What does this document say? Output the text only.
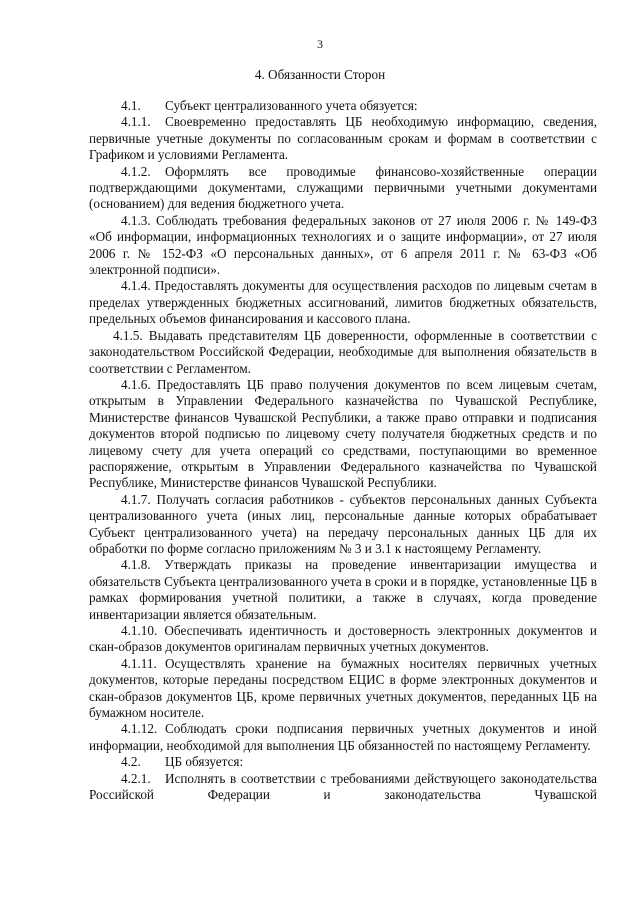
3
4. Обязанности Сторон

4.1. Субъект централизованного учета обязуется:

4.1.1. Своевременно предоставлять ЦБ необходимую информацию, сведения, первичные учетные документы по согласованным срокам и формам в соответствии с Графиком и условиями Регламента.

4.1.2. Оформлять все проводимые финансово-хозяйственные операции подтверждающими документами, служащими первичными учетными документами (основанием) для ведения бюджетного учета.

4.1.3. Соблюдать требования федеральных законов от 27 июля 2006 г. № 149-ФЗ «Об информации, информационных технологиях и о защите информации», от 27 июля 2006 г. № 152-ФЗ «О персональных данных», от 6 апреля 2011 г. № 63-ФЗ «Об электронной подписи».

4.1.4. Предоставлять документы для осуществления расходов по лицевым счетам в пределах утвержденных бюджетных ассигнований, лимитов бюджетных обязательств, предельных объемов финансирования и кассового плана.

4.1.5. Выдавать представителям ЦБ доверенности, оформленные в соответствии с законодательством Российской Федерации, необходимые для выполнения обязательств в соответствии с Регламентом.

4.1.6. Предоставлять ЦБ право получения документов по всем лицевым счетам, открытым в Управлении Федерального казначейства по Чувашской Республике, Министерстве финансов Чувашской Республики, а также право отправки и подписания документов второй подписью по лицевому счету получателя бюджетных средств и по лицевому счету для учета операций со средствами, поступающими во временное распоряжение, открытым в Управлении Федерального казначейства по Чувашской Республике, Министерстве финансов Чувашской Республики.

4.1.7. Получать согласия работников - субъектов персональных данных Субъекта централизованного учета (иных лиц, персональные данные которых обрабатывает Субъект централизованного учета) на передачу персональных данных ЦБ для их обработки по форме согласно приложениям № 3 и 3.1 к настоящему Регламенту.

4.1.8. Утверждать приказы на проведение инвентаризации имущества и обязательств Субъекта централизованного учета в сроки и в порядке, установленные ЦБ в рамках формирования учетной политики, а также в случаях, когда проведение инвентаризации является обязательным.

4.1.10. Обеспечивать идентичность и достоверность электронных документов и скан-образов документов оригиналам первичных учетных документов.

4.1.11. Осуществлять хранение на бумажных носителях первичных учетных документов, которые переданы посредством ЕЦИС в форме электронных документов и скан-образов документов ЦБ, кроме первичных учетных документов, переданных ЦБ на бумажном носителе.

4.1.12. Соблюдать сроки подписания первичных учетных документов и иной информации, необходимой для выполнения ЦБ обязанностей по настоящему Регламенту.

4.2. ЦБ обязуется:

4.2.1. Исполнять в соответствии с требованиями действующего законодательства Российской Федерации и законодательства Чувашской
